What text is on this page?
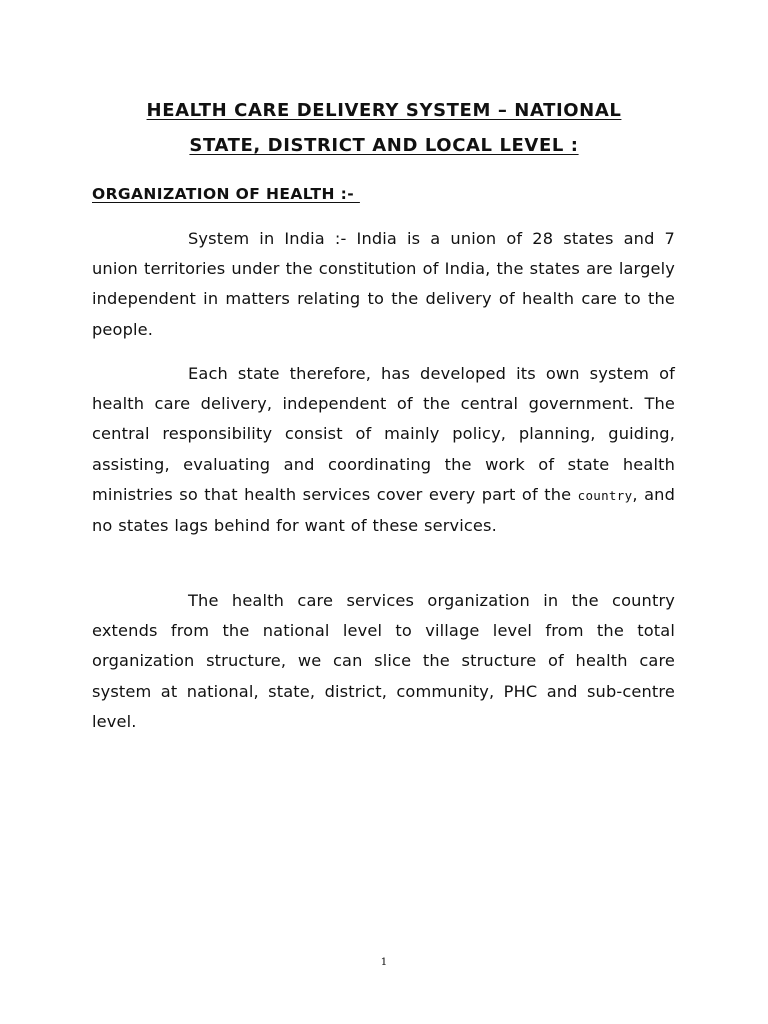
HEALTH CARE DELIVERY SYSTEM – NATIONAL
STATE, DISTRICT AND LOCAL LEVEL :
ORGANIZATION OF HEALTH :-

System in India :- India is a union of 28 states and 7 union territories under the constitution of India, the states are largely independent in matters relating to the delivery of health care to the people.

Each state therefore, has developed its own system of health care delivery, independent of the central government. The central responsibility consist of mainly policy, planning, guiding, assisting, evaluating and coordinating the work of state health ministries so that health services cover every part of the country, and no states lags behind for want of these services.

The health care services organization in the country extends from the national level to village level from the total organization structure, we can slice the structure of health care system at national, state, district, community, PHC and sub-centre level.

1
